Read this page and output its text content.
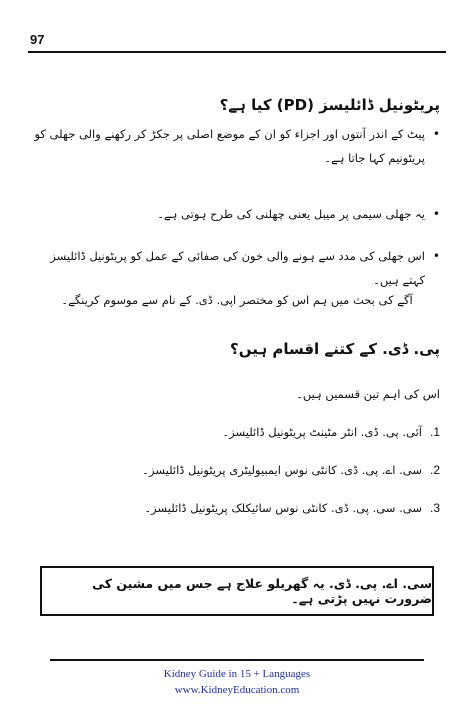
97
پریٹونیل ڈائلیسز (PD) کیا ہے؟
•
پیٹ کے اندر آنتوں اور اجزاء کو ان کے موضع اصلی پر جکڑ کر رکھنے والی جھلی کو
پریٹونیم کہا جاتا ہے۔
•
یہ جھلی سیمی پر میبل یعنی چھلنی کی طرح ہوتی ہے۔
•
اس جھلی کی مدد سے ہونے والی خون کی صفائی کے عمل کو پریٹونیل ڈائلیسز کہتے ہیں۔
آگے کی بحث میں ہم اس کو مختصر اپی. ڈی. کے نام سے موسوم کرینگے۔
پی. ڈی. کے کتنے اقسام ہیں؟
اس کی اہم تین قسمیں ہیں۔
.1
آئی. پی. ڈی. انٹر مٹینٹ پریٹونیل ڈائلیسز۔
.2
سی. اے. پی. ڈی. کانٹی نوس ایمبیولیٹری پریٹونیل ڈائلیسز۔
.3
سی. سی. پی. ڈی. کانٹی نوس سائیکلک پریٹونیل ڈائلیسز۔
سی. اے. پی. ڈی. یہ گھریلو علاج ہے جس میں مشین کی ضرورت نہیں پڑتی ہے۔
Kidney Guide in 15 + Languages
www.KidneyEducation.com
